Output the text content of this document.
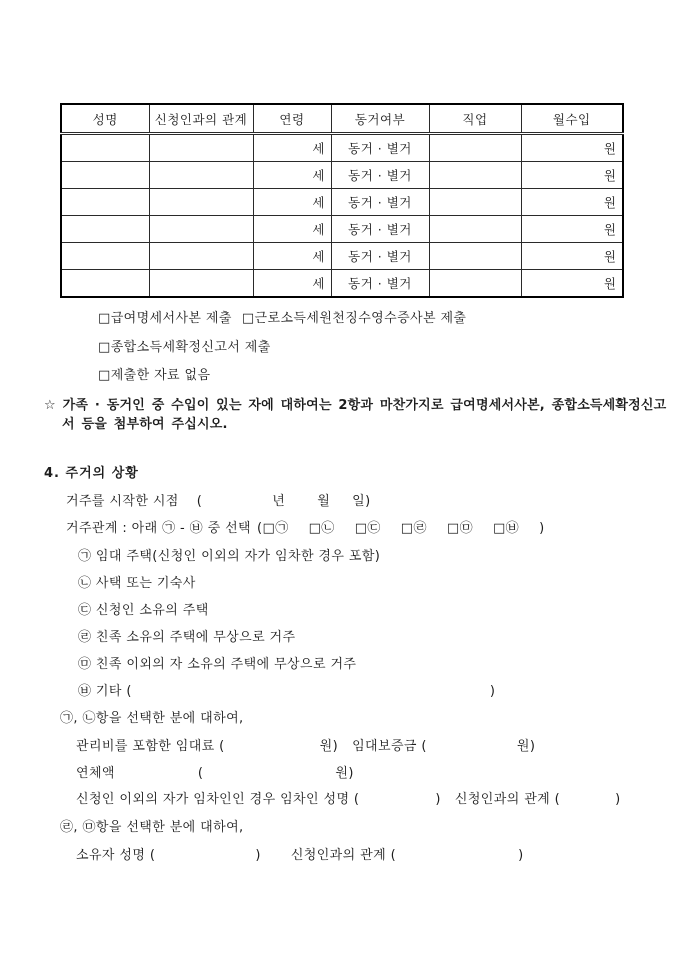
성명	신청인과의 관계	연령	동거여부	직업	월수입
		세	동거 · 별거		원
		세	동거 · 별거		원
		세	동거 · 별거		원
		세	동거 · 별거		원
		세	동거 · 별거		원
		세	동거 · 별거		원
□급여명세서사본 제출 □근로소득세원천징수영수증사본 제출
□종합소득세확정신고서 제출
□제출한 자료 없음
☆ 가족 · 동거인 중 수입이 있는 자에 대하여는 2항과 마찬가지로 급여명세서사본, 종합소득세확정신고
서 등을 첨부하여 주십시오.
4. 주거의 상황
거주를 시작한 시점 (	년 월 일)
거주관계 : 아래 ㉠ - ㉥ 중 선택 (□㉠ □㉡ □㉢ □㉣ □㉤ □㉥ )
㉠ 임대 주택(신청인 이외의 자가 임차한 경우 포함)
㉡ 사택 또는 기숙사
㉢ 신청인 소유의 주택
㉣ 친족 소유의 주택에 무상으로 거주
㉤ 친족 이외의 자 소유의 주택에 무상으로 거주
㉥ 기타 (	)
㉠, ㉡항을 선택한 분에 대하여,
관리비를 포함한 임대료 (	원) 임대보증금 (	원)
연체액	(	원)
신청인 이외의 자가 임차인인 경우 임차인 성명 (	) 신청인과의 관계 (	)
㉣, ㉤항을 선택한 분에 대하여,
소유자 성명 (	) 신청인과의 관계 (	)
